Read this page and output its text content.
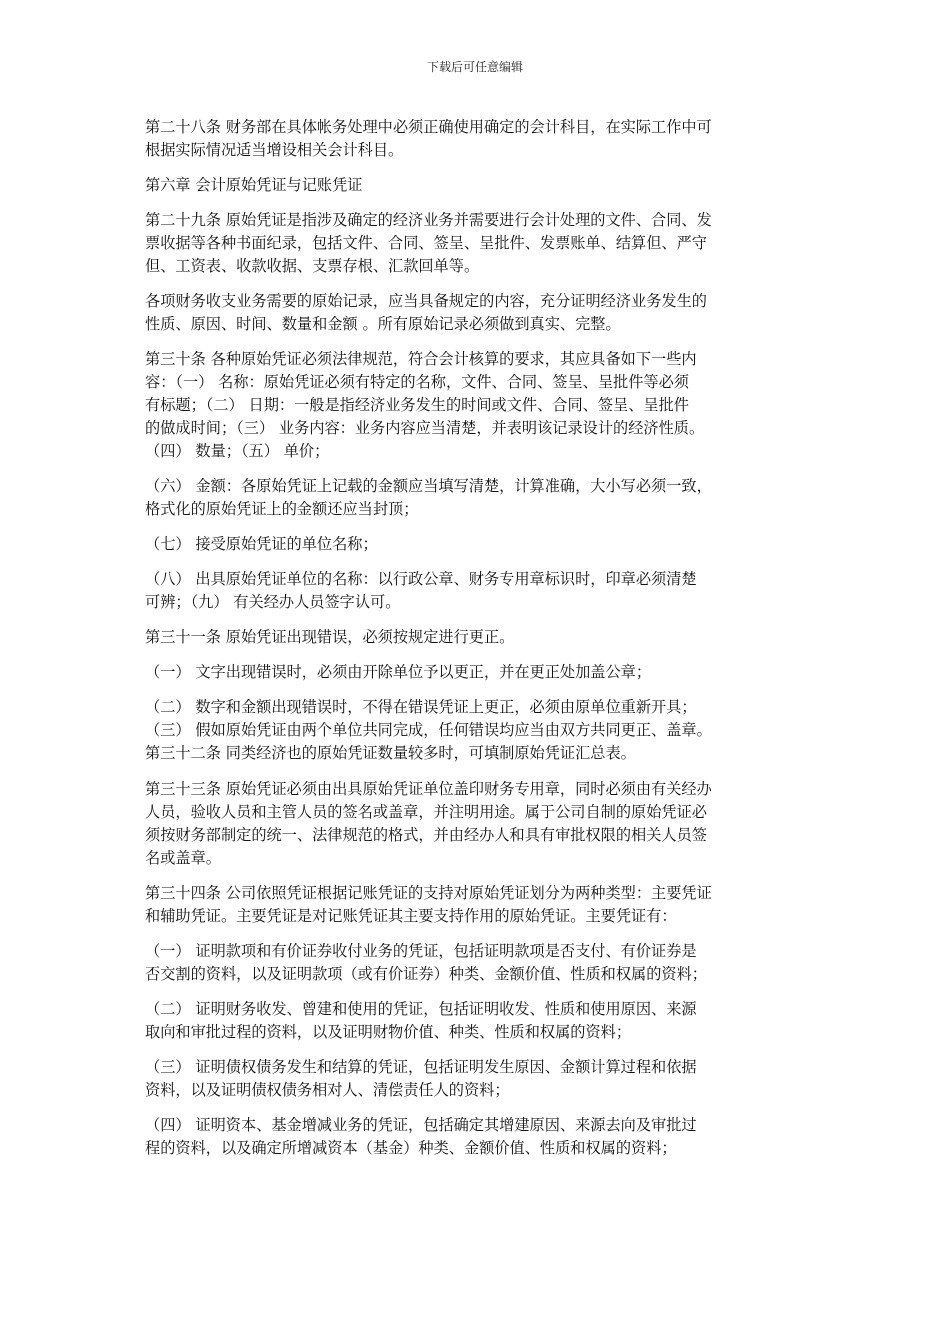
下载后可任意编辑
第二十八条 财务部在具体帐务处理中必须正确使用确定的会计科目，在实际工作中可
根据实际情况适当增设相关会计科目。
第六章 会计原始凭证与记账凭证
第二十九条 原始凭证是指涉及确定的经济业务并需要进行会计处理的文件、合同、发
票收据等各种书面纪录，包括文件、合同、签呈、呈批件、发票账单、结算但、严守
但、工资表、收款收据、支票存根、汇款回单等。
各项财务收支业务需要的原始记录，应当具备规定的内容，充分证明经济业务发生的
性质、原因、时间、数量和金额 。所有原始记录必须做到真实、完整。
第三十条 各种原始凭证必须法律规范，符合会计核算的要求，其应具备如下一些内
容：（一） 名称：原始凭证必须有特定的名称，文件、合同、签呈、呈批件等必须
有标题；（二） 日期：一般是指经济业务发生的时间或文件、合同、签呈、呈批件
的做成时间；（三） 业务内容：业务内容应当清楚，并表明该记录设计的经济性质。
（四） 数量；（五） 单价；
（六） 金额：各原始凭证上记载的金额应当填写清楚，计算准确，大小写必须一致，
格式化的原始凭证上的金额还应当封顶；
（七） 接受原始凭证的单位名称；
（八） 出具原始凭证单位的名称：以行政公章、财务专用章标识时，印章必须清楚
可辨；（九） 有关经办人员签字认可。
第三十一条 原始凭证出现错误，必须按规定进行更正。
（一） 文字出现错误时，必须由开除单位予以更正，并在更正处加盖公章；
（二） 数字和金额出现错误时，不得在错误凭证上更正，必须由原单位重新开具；
（三） 假如原始凭证由两个单位共同完成，任何错误均应当由双方共同更正、盖章。
第三十二条 同类经济也的原始凭证数量较多时，可填制原始凭证汇总表。
第三十三条 原始凭证必须由出具原始凭证单位盖印财务专用章，同时必须由有关经办
人员，验收人员和主管人员的签名或盖章，并注明用途。属于公司自制的原始凭证必
须按财务部制定的统一、法律规范的格式，并由经办人和具有审批权限的相关人员签
名或盖章。
第三十四条 公司依照凭证根据记账凭证的支持对原始凭证划分为两种类型：主要凭证
和辅助凭证。主要凭证是对记账凭证其主要支持作用的原始凭证。主要凭证有：
（一） 证明款项和有价证券收付业务的凭证，包括证明款项是否支付、有价证券是
否交割的资料，以及证明款项（或有价证券）种类、金额价值、性质和权属的资料；
（二） 证明财务收发、曾建和使用的凭证，包括证明收发、性质和使用原因、来源
取向和审批过程的资料，以及证明财物价值、种类、性质和权属的资料；
（三） 证明债权债务发生和结算的凭证，包括证明发生原因、金额计算过程和依据
资料，以及证明债权债务相对人、清偿责任人的资料；
（四） 证明资本、基金增减业务的凭证，包括确定其增建原因、来源去向及审批过
程的资料，以及确定所增减资本（基金）种类、金额价值、性质和权属的资料；
